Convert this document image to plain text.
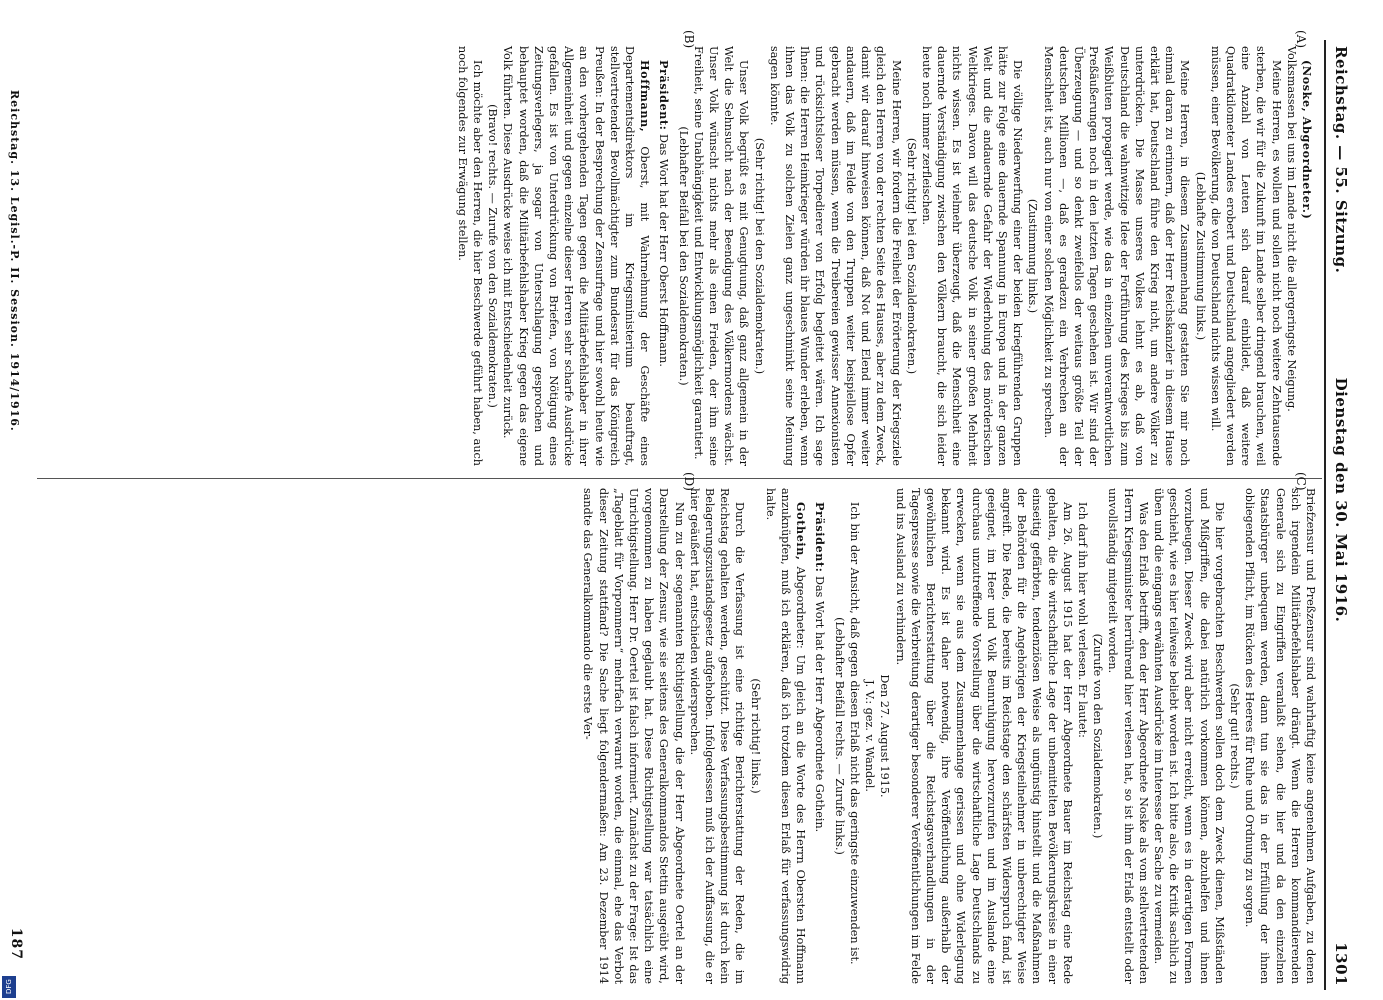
Reichstag. — 55. Sitzung.
Dienstag den 30. Mai 1916.
1301
(A)
(B)
(C)
(D)

(Noske, Abgeordneter.)

Volksmassen bei uns im Lande nicht die allergeringste Neigung.

Meine Herren, es wollen und sollen nicht noch weitere Zehntausende sterben, die wir für die Zukunft im Lande selber dringend brauchen, weil eine Anzahl von Leuten sich darauf einbildet, daß weitere Quadratkilometer Landes erobert und Deutschland angegliedert werden müssen, einer Bevölkerung, die von Deutschland nichts wissen will.

(Lebhafte Zustimmung links.)

Meine Herren, in diesem Zusammenhang gestatten Sie mir noch einmal daran zu erinnern, daß der Herr Reichskanzler in diesem Hause erklärt hat, Deutschland führe den Krieg nicht, um andere Völker zu unterdrücken. Die Masse unseres Volkes lehnt es ab, daß von Deutschland die wahnwitzige Idee der Fortführung des Krieges bis zum Weißbluten propagiert werde, wie das in einzelnen unverantwortlichen Preßäußerungen noch in den letzten Tagen geschehen ist. Wir sind der Überzeugung — und so denkt zweifellos der weitaus größte Teil der deutschen Millionen —, daß es geradezu ein Verbrechen an der Menschheit ist, auch nur von einer solchen Möglichkeit zu sprechen.

(Zustimmung links.)

Die völlige Niederwerfung einer der beiden kriegführenden Gruppen hätte zur Folge eine dauernde Spannung in Europa und in der ganzen Welt und die andauernde Gefahr der Wiederholung des mörderischen Weltkrieges. Davon will das deutsche Volk in seiner großen Mehrheit nichts wissen. Es ist vielmehr überzeugt, daß die Menschheit eine dauernde Verständigung zwischen den Völkern braucht, die sich leider heute noch immer zerfleischen.

(Sehr richtig! bei den Sozialdemokraten.)

Meine Herren, wir fordern die Freiheit der Erörterung der Kriegsziele gleich den Herren von der rechten Seite des Hauses, aber zu dem Zweck, damit wir darauf hinweisen können, daß Not und Elend immer weiter andauern, daß im Felde von den Truppen weiter beispiellose Opfer gebracht werden müssen, wenn die Treibereien gewisser Annexionisten und rücksichtsloser Torpedierer von Erfolg begleitet wären. Ich sage Ihnen: die Herren Heimkrieger würden ihr blaues Wunder erleben, wenn ihnen das Volk zu solchen Zielen ganz ungeschminkt seine Meinung sagen könnte.

(Sehr richtig! bei den Sozialdemokraten.)

Unser Volk begrüßt es mit Genugtuung, daß ganz allgemein in der Welt die Sehnsucht nach der Beendigung des Völkermordens wächst. Unser Volk wünscht nichts mehr als einen Frieden, der ihm seine Freiheit, seine Unabhängigkeit und Entwicklungsmöglichkeit garantiert.

(Lebhafter Beifall bei den Sozialdemokraten.)

Präsident: Das Wort hat der Herr Oberst Hoffmann.

Hoffmann, Oberst, mit Wahrnehmung der Geschäfte eines Departementsdirektors im Kriegsministerium beauftragt, stellvertretender Bevollmächtigter zum Bundesrat für das Königreich Preußen: In der Besprechung der Zensurfrage und hier sowohl heute wie an den vorhergehenden Tagen gegen die Militärbefehlshaber in ihrer Allgemeinheit und gegen einzelne dieser Herren sehr scharfe Ausdrücke gefallen. Es ist von Unterdrückung von Briefen, von Nötigung eines Zeitungsverlegers, ja sogar von Unterschlagung gesprochen und behauptet worden, daß die Militärbefehlshaber Krieg gegen das eigene Volk führten. Diese Ausdrücke weise ich mit Entschiedenheit zurück.

(Bravo! rechts. — Zurufe von den Sozialdemokraten.)

Ich möchte aber den Herren, die hier Beschwerde geführt haben, auch noch folgendes zur Erwägung stellen.

Briefzensur und Preßzensur sind wahrhaftig keine angenehmen Aufgaben, zu denen sich irgendein Militärbefehlshaber drängt. Wenn die Herren kommandierenden Generale sich zu Eingriffen veranlaßt sehen, die hier und da den einzelnen Staatsbürger unbequem werden, dann tun sie das in der Erfüllung der ihnen obliegenden Pflicht, im Rücken des Heeres für Ruhe und Ordnung zu sorgen.

(Sehr gut! rechts.)

Die hier vorgebrachten Beschwerden sollen doch dem Zweck dienen, Mißständen und Mißgriffen, die dabei natürlich vorkommen können, abzuhelfen und ihnen vorzubeugen. Dieser Zweck wird aber nicht erreicht, wenn es in derartigen Formen geschieht, wie es hier teilweise beliebt worden ist. Ich bitte also, die Kritik sachlich zu üben und die eingangs erwähnten Ausdrücke im Interesse der Sache zu vermeiden.

Was den Erlaß betrifft, den der Herr Abgeordnete Noske als vom stellvertretenden Herrn Kriegsminister herrührend hier verlesen hat, so ist ihm der Erlaß entstellt oder unvollständig mitgeteilt worden.

(Zurufe von den Sozialdemokraten.)

Ich darf ihn hier wohl verlesen. Er lautet:

Am 26. August 1915 hat der Herr Abgeordnete Bauer im Reichstag eine Rede gehalten, die die wirtschaftliche Lage der unbemittelten Bevölkerungskreise in einer einseitig gefärbten, tendenziösen Weise als ungünstig hinstellt und die Maßnahmen der Behörden für die Angehörigen der Kriegsteilnehmer in unberechtigter Weise angreift. Die Rede, die bereits im Reichstage den schärfsten Widerspruch fand, ist geeignet, im Heer und Volk Beunruhigung hervorzurufen und im Auslande eine durchaus unzutreffende Vorstellung über die wirtschaftliche Lage Deutschlands zu erwecken, wenn sie aus dem Zusammenhange gerissen und ohne Widerlegung bekannt wird. Es ist daher notwendig, ihre Veröffentlichung außerhalb der gewöhnlichen Berichterstattung über die Reichstagsverhandlungen in der Tagespresse sowie die Verbreitung derartiger besonderer Veröffentlichungen im Felde und ins Ausland zu verhindern.

Den 27. August 1915.

J. V.: gez. v. Wandel.

Ich bin der Ansicht, daß gegen diesen Erlaß nicht das geringste einzuwenden ist.

(Lebhafter Beifall rechts. — Zurufe links.)

Präsident: Das Wort hat der Herr Abgeordnete Gothein.

Gothein, Abgeordneter: Um gleich an die Worte des Herrn Obersten Hoffmann anzuknüpfen, muß ich erklären, daß ich trotzdem diesen Erlaß für verfassungswidrig halte.

(Sehr richtig! links.)

Durch die Verfassung ist eine richtige Berichterstattung der Reden, die im Reichstag gehalten werden, geschützt. Diese Verfassungsbestimmung ist durch kein Belagerungszustandsgesetz aufgehoben. Infolgedessen muß ich der Auffassung, die er hier geäußert hat, entschieden widersprechen.

Nun zu der sogenannten Richtigstellung, die der Herr Abgeordnete Oertel an der Darstellung der Zensur, wie sie seitens des Generalkommandos Stettin ausgeübt wird, vorgenommen zu haben geglaubt hat. Diese Richtigstellung war tatsächlich eine Unrichtigstellung. Herr Dr. Oertel ist falsch informiert. Zunächst zu der Frage: Ist das „Tageblatt für Vorpommern“ mehrfach verwarnt worden, die einmal, ehe das Verbot dieser Zeitung stattfand? Die Sache liegt folgendermaßen: Am 23. Dezember 1914 sandte das Generalkommando die erste Ver-

Reichstag. 13. Legisl.-P. II. Session. 1914/1916.
187
DFG
